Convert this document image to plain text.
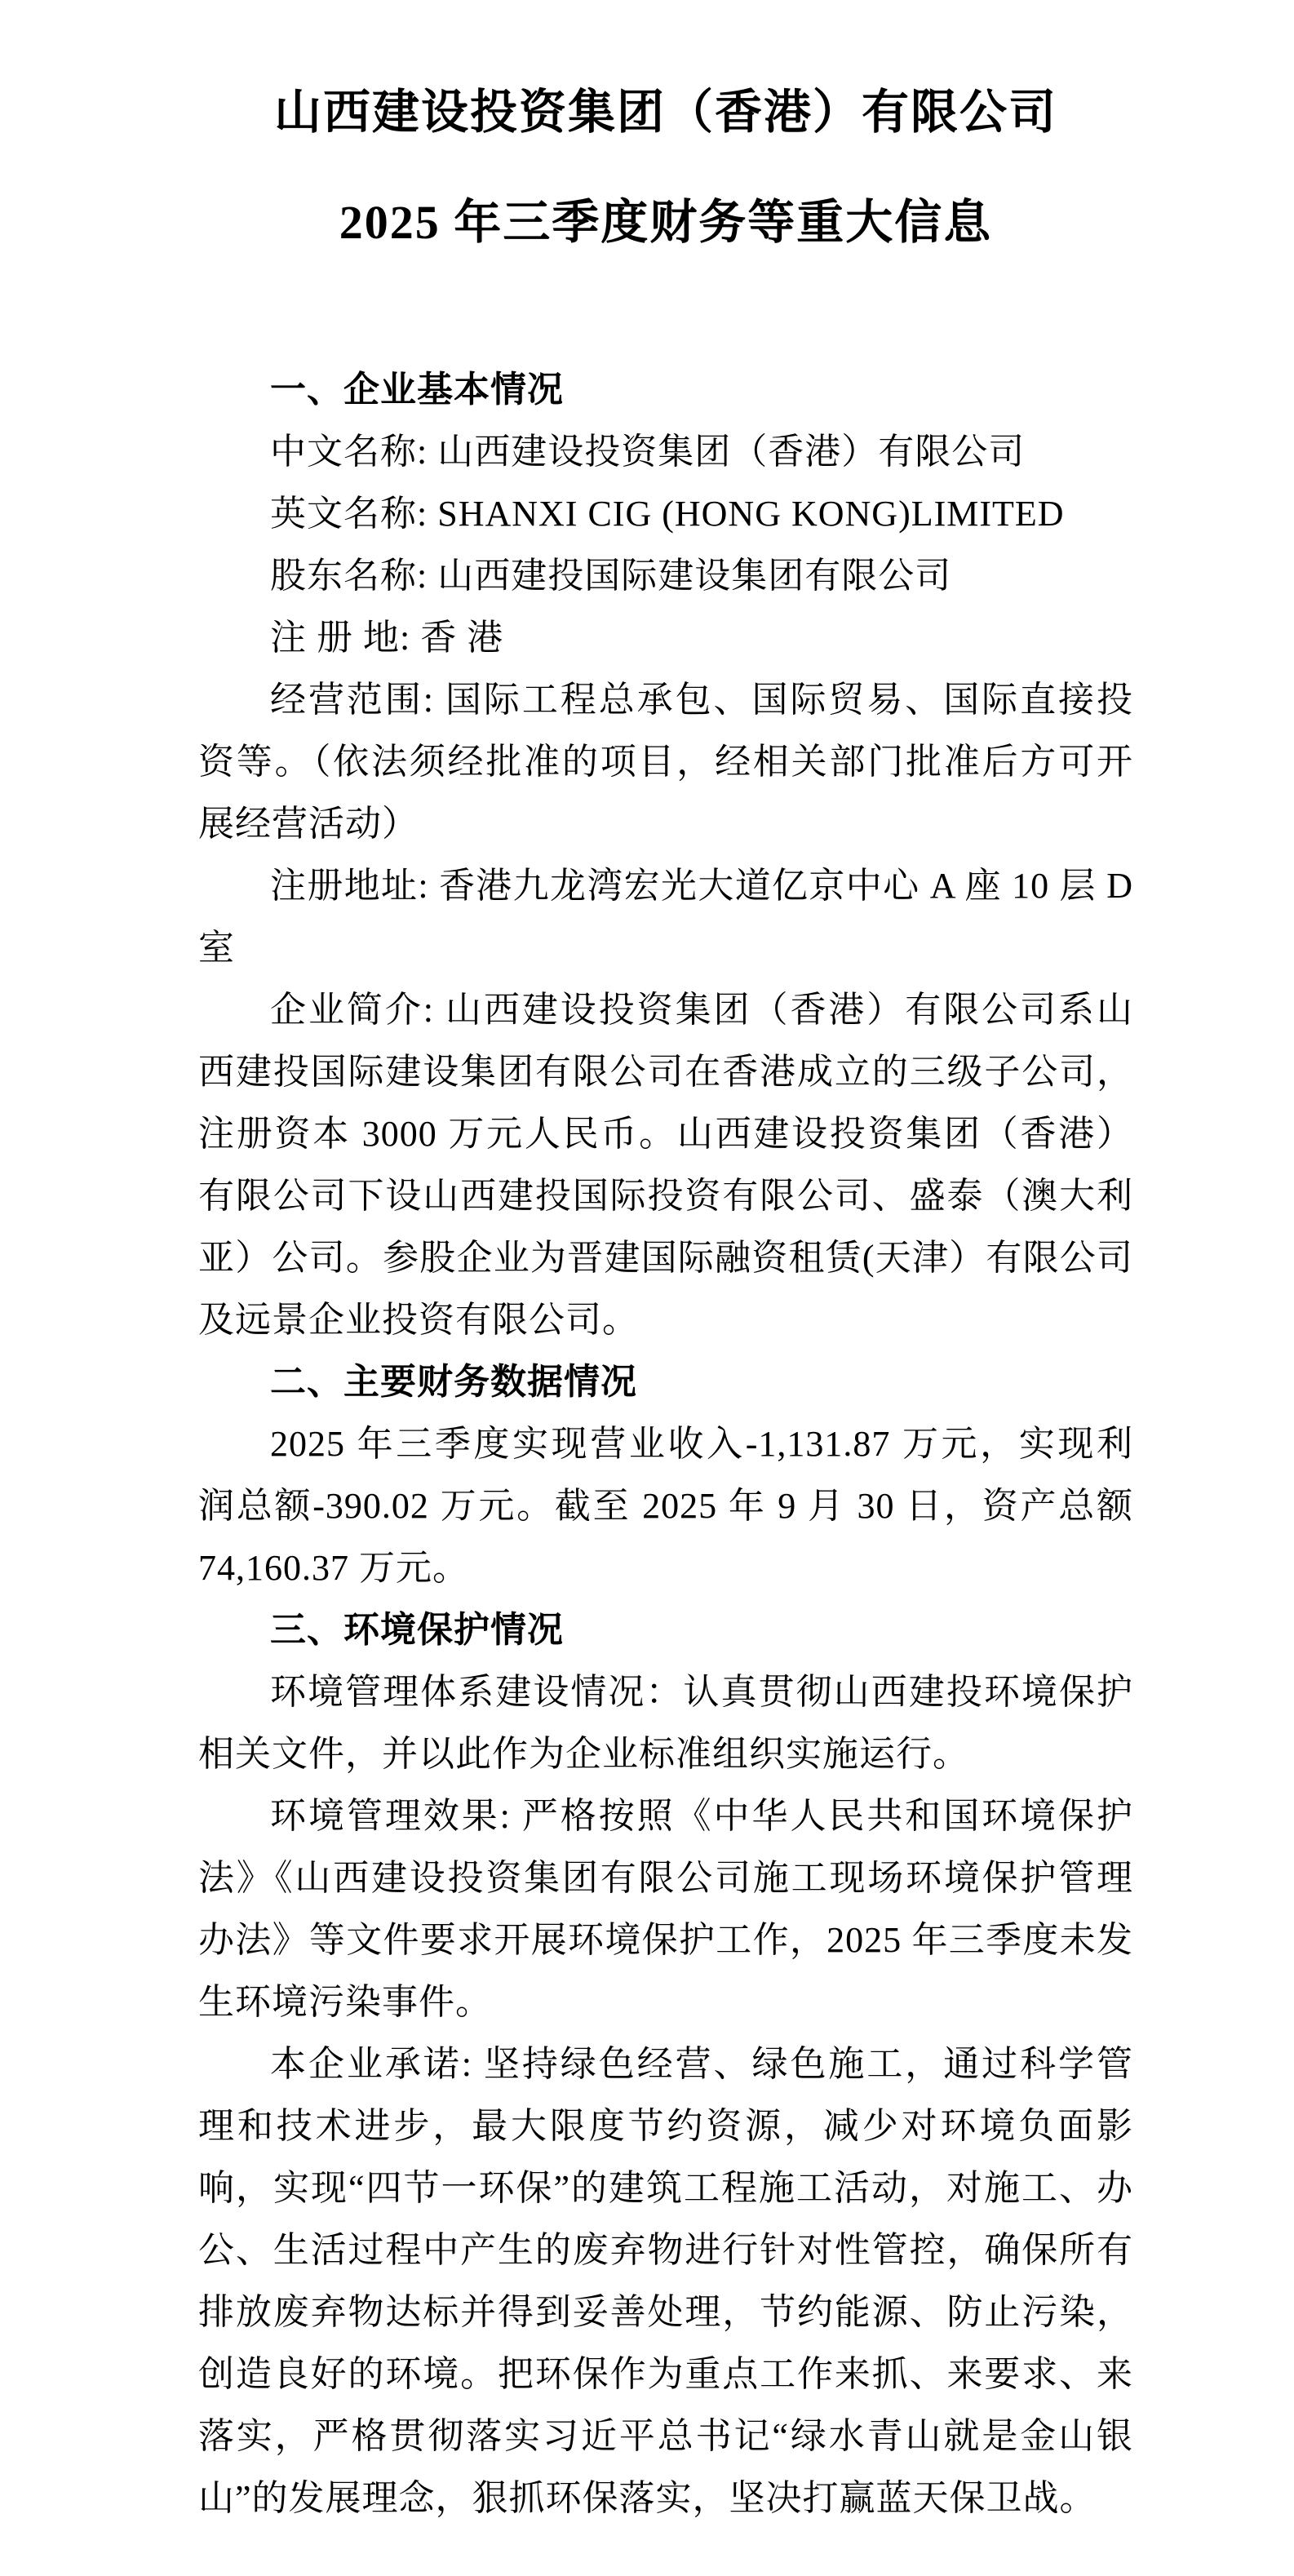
山西建设投资集团（香港）有限公司
2025 年三季度财务等重大信息
一、企业基本情况

中文名称: 山西建设投资集团（香港）有限公司

英文名称: SHANXI CIG (HONG KONG)LIMITED

股东名称: 山西建投国际建设集团有限公司

注 册 地: 香 港

经营范围: 国际工程总承包、国际贸易、国际直接投资等。（依法须经批准的项目，经相关部门批准后方可开展经营活动）

注册地址: 香港九龙湾宏光大道亿京中心 A 座 10 层 D 室

企业简介: 山西建设投资集团（香港）有限公司系山西建投国际建设集团有限公司在香港成立的三级子公司，注册资本 3000 万元人民币。山西建设投资集团（香港）有限公司下设山西建投国际投资有限公司、盛泰（澳大利亚）公司。参股企业为晋建国际融资租赁(天津）有限公司及远景企业投资有限公司。

二、主要财务数据情况

2025 年三季度实现营业收入-1,131.87 万元，实现利润总额-390.02 万元。截至 2025 年 9 月 30 日，资产总额 74,160.37 万元。

三、环境保护情况

环境管理体系建设情况：认真贯彻山西建投环境保护相关文件，并以此作为企业标准组织实施运行。

环境管理效果: 严格按照《中华人民共和国环境保护法》《山西建设投资集团有限公司施工现场环境保护管理办法》等文件要求开展环境保护工作，2025 年三季度未发生环境污染事件。

本企业承诺: 坚持绿色经营、绿色施工，通过科学管理和技术进步，最大限度节约资源，减少对环境负面影响，实现“四节一环保”的建筑工程施工活动，对施工、办公、生活过程中产生的废弃物进行针对性管控，确保所有排放废弃物达标并得到妥善处理，节约能源、防止污染，创造良好的环境。把环保作为重点工作来抓、来要求、来落实，严格贯彻落实习近平总书记“绿水青山就是金山银山”的发展理念，狠抓环保落实，坚决打赢蓝天保卫战。
